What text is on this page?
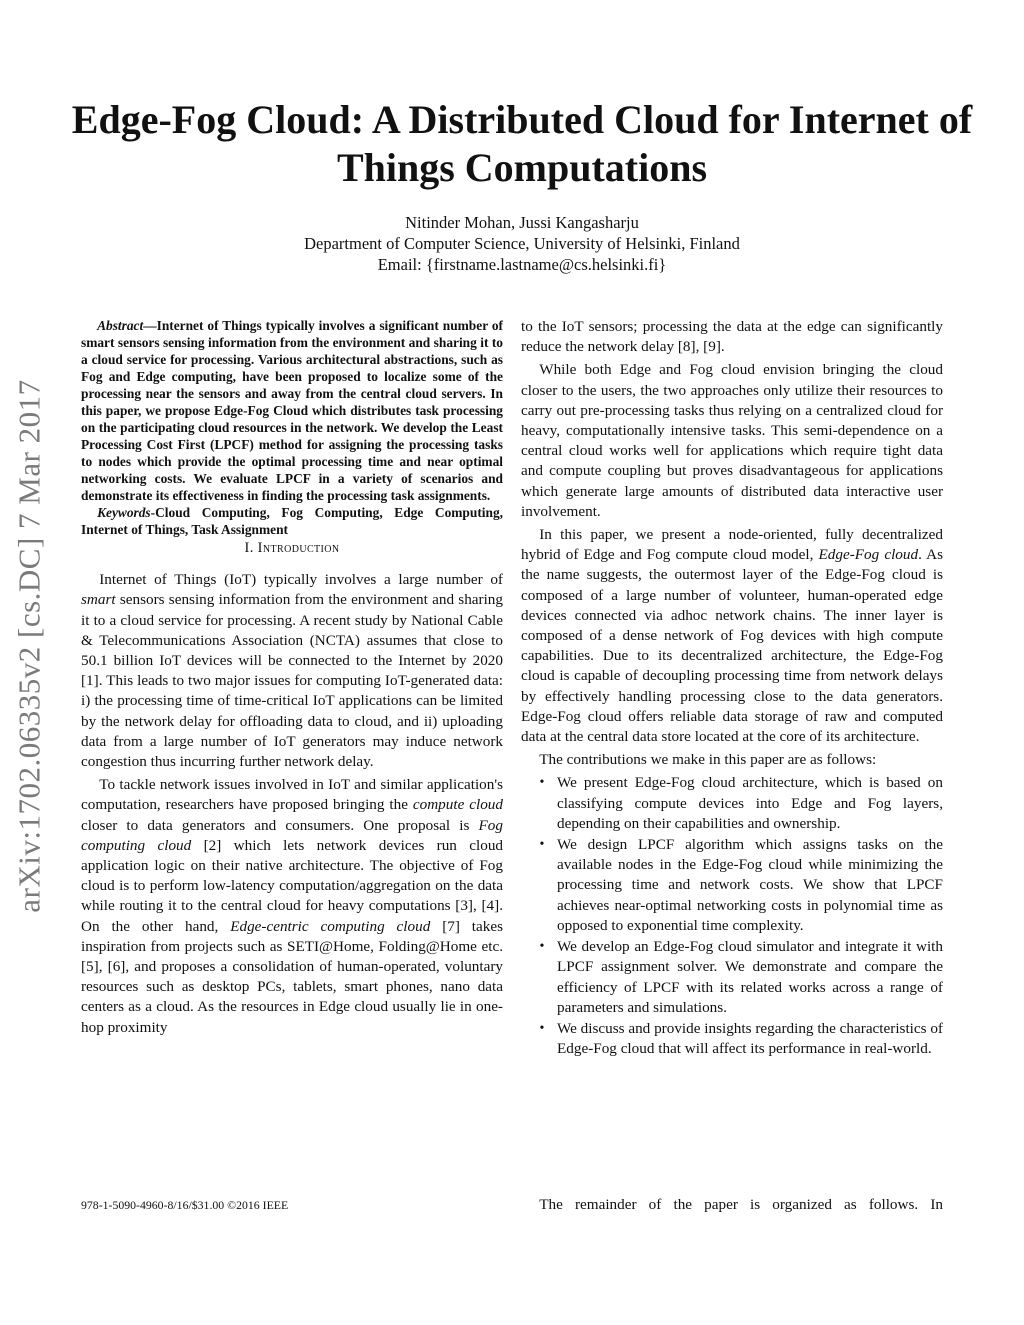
arXiv:1702.06335v2 [cs.DC] 7 Mar 2017
Edge-Fog Cloud: A Distributed Cloud for Internet of Things Computations
Nitinder Mohan, Jussi Kangasharju
Department of Computer Science, University of Helsinki, Finland
Email: {firstname.lastname@cs.helsinki.fi}

Abstract—Internet of Things typically involves a significant number of smart sensors sensing information from the environment and sharing it to a cloud service for processing. Various architectural abstractions, such as Fog and Edge computing, have been proposed to localize some of the processing near the sensors and away from the central cloud servers. In this paper, we propose Edge-Fog Cloud which distributes task processing on the participating cloud resources in the network. We develop the Least Processing Cost First (LPCF) method for assigning the processing tasks to nodes which provide the optimal processing time and near optimal networking costs. We evaluate LPCF in a variety of scenarios and demonstrate its effectiveness in finding the processing task assignments.

Keywords-Cloud Computing, Fog Computing, Edge Computing, Internet of Things, Task Assignment

I. Introduction

Internet of Things (IoT) typically involves a large number of smart sensors sensing information from the environment and sharing it to a cloud service for processing. A recent study by National Cable & Telecommunications Association (NCTA) assumes that close to 50.1 billion IoT devices will be connected to the Internet by 2020 [1]. This leads to two major issues for computing IoT-generated data: i) the processing time of time-critical IoT applications can be limited by the network delay for offloading data to cloud, and ii) uploading data from a large number of IoT generators may induce network congestion thus incurring further network delay.

To tackle network issues involved in IoT and similar application's computation, researchers have proposed bringing the compute cloud closer to data generators and consumers. One proposal is Fog computing cloud [2] which lets network devices run cloud application logic on their native architecture. The objective of Fog cloud is to perform low-latency computation/aggregation on the data while routing it to the central cloud for heavy computations [3], [4]. On the other hand, Edge-centric computing cloud [7] takes inspiration from projects such as SETI@Home, Folding@Home etc. [5], [6], and proposes a consolidation of human-operated, voluntary resources such as desktop PCs, tablets, smart phones, nano data centers as a cloud. As the resources in Edge cloud usually lie in one-hop proximity

978-1-5090-4960-8/16/$31.00 ©2016 IEEE

to the IoT sensors; processing the data at the edge can significantly reduce the network delay [8], [9].

While both Edge and Fog cloud envision bringing the cloud closer to the users, the two approaches only utilize their resources to carry out pre-processing tasks thus relying on a centralized cloud for heavy, computationally intensive tasks. This semi-dependence on a central cloud works well for applications which require tight data and compute coupling but proves disadvantageous for applications which generate large amounts of distributed data interactive user involvement.

In this paper, we present a node-oriented, fully decentralized hybrid of Edge and Fog compute cloud model, Edge-Fog cloud. As the name suggests, the outermost layer of the Edge-Fog cloud is composed of a large number of volunteer, human-operated edge devices connected via adhoc network chains. The inner layer is composed of a dense network of Fog devices with high compute capabilities. Due to its decentralized architecture, the Edge-Fog cloud is capable of decoupling processing time from network delays by effectively handling processing close to the data generators. Edge-Fog cloud offers reliable data storage of raw and computed data at the central data store located at the core of its architecture.

The contributions we make in this paper are as follows:

• We present Edge-Fog cloud architecture, which is based on classifying compute devices into Edge and Fog layers, depending on their capabilities and ownership.
• We design LPCF algorithm which assigns tasks on the available nodes in the Edge-Fog cloud while minimizing the processing time and network costs. We show that LPCF achieves near-optimal networking costs in polynomial time as opposed to exponential time complexity.
• We develop an Edge-Fog cloud simulator and integrate it with LPCF assignment solver. We demonstrate and compare the efficiency of LPCF with its related works across a range of parameters and simulations.
• We discuss and provide insights regarding the characteristics of Edge-Fog cloud that will affect its performance in real-world.

The remainder of the paper is organized as follows. In
